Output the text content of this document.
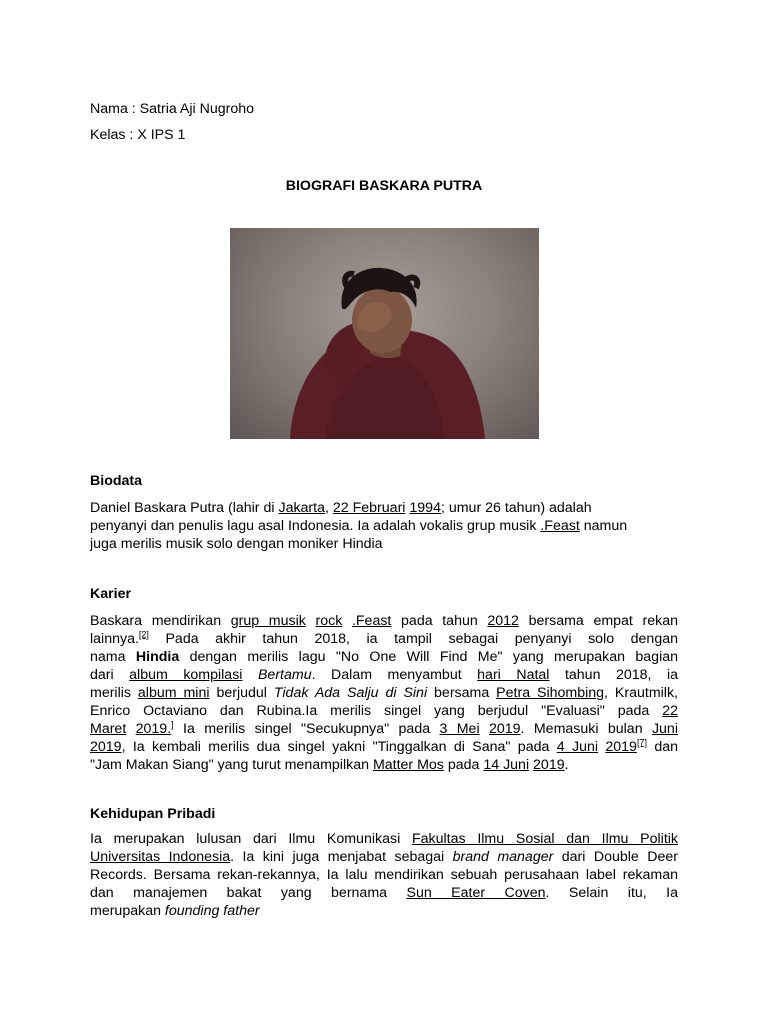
Nama : Satria Aji Nugroho
Kelas : X IPS 1
BIOGRAFI BASKARA PUTRA
Biodata
Daniel Baskara Putra (lahir di Jakarta, 22 Februari 1994; umur 26 tahun) adalah
penyanyi dan penulis lagu asal Indonesia. Ia adalah vokalis grup musik .Feast namun
juga merilis musik solo dengan moniker Hindia
Karier
Baskara mendirikan grup musik rock .Feast pada tahun 2012 bersama empat rekan
lainnya.[2] Pada akhir tahun 2018, ia tampil sebagai penyanyi solo dengan
nama Hindia dengan merilis lagu "No One Will Find Me" yang merupakan bagian
dari album kompilasi Bertamu. Dalam menyambut hari Natal tahun 2018, ia
merilis album mini berjudul Tidak Ada Salju di Sini bersama Petra Sihombing, Krautmilk,
Enrico Octaviano dan Rubina.Ia merilis singel yang berjudul "Evaluasi" pada 22
Maret 2019.] Ia merilis singel "Secukupnya" pada 3 Mei 2019. Memasuki bulan Juni
2019, Ia kembali merilis dua singel yakni "Tinggalkan di Sana" pada 4 Juni 2019[7] dan
"Jam Makan Siang" yang turut menampilkan Matter Mos pada 14 Juni 2019.
Kehidupan Pribadi
Ia merupakan lulusan dari Ilmu Komunikasi Fakultas Ilmu Sosial dan Ilmu Politik
Universitas Indonesia. Ia kini juga menjabat sebagai brand manager dari Double Deer
Records. Bersama rekan-rekannya, Ia lalu mendirikan sebuah perusahaan label rekaman
dan manajemen bakat yang bernama Sun Eater Coven. Selain itu, Ia
merupakan founding father
